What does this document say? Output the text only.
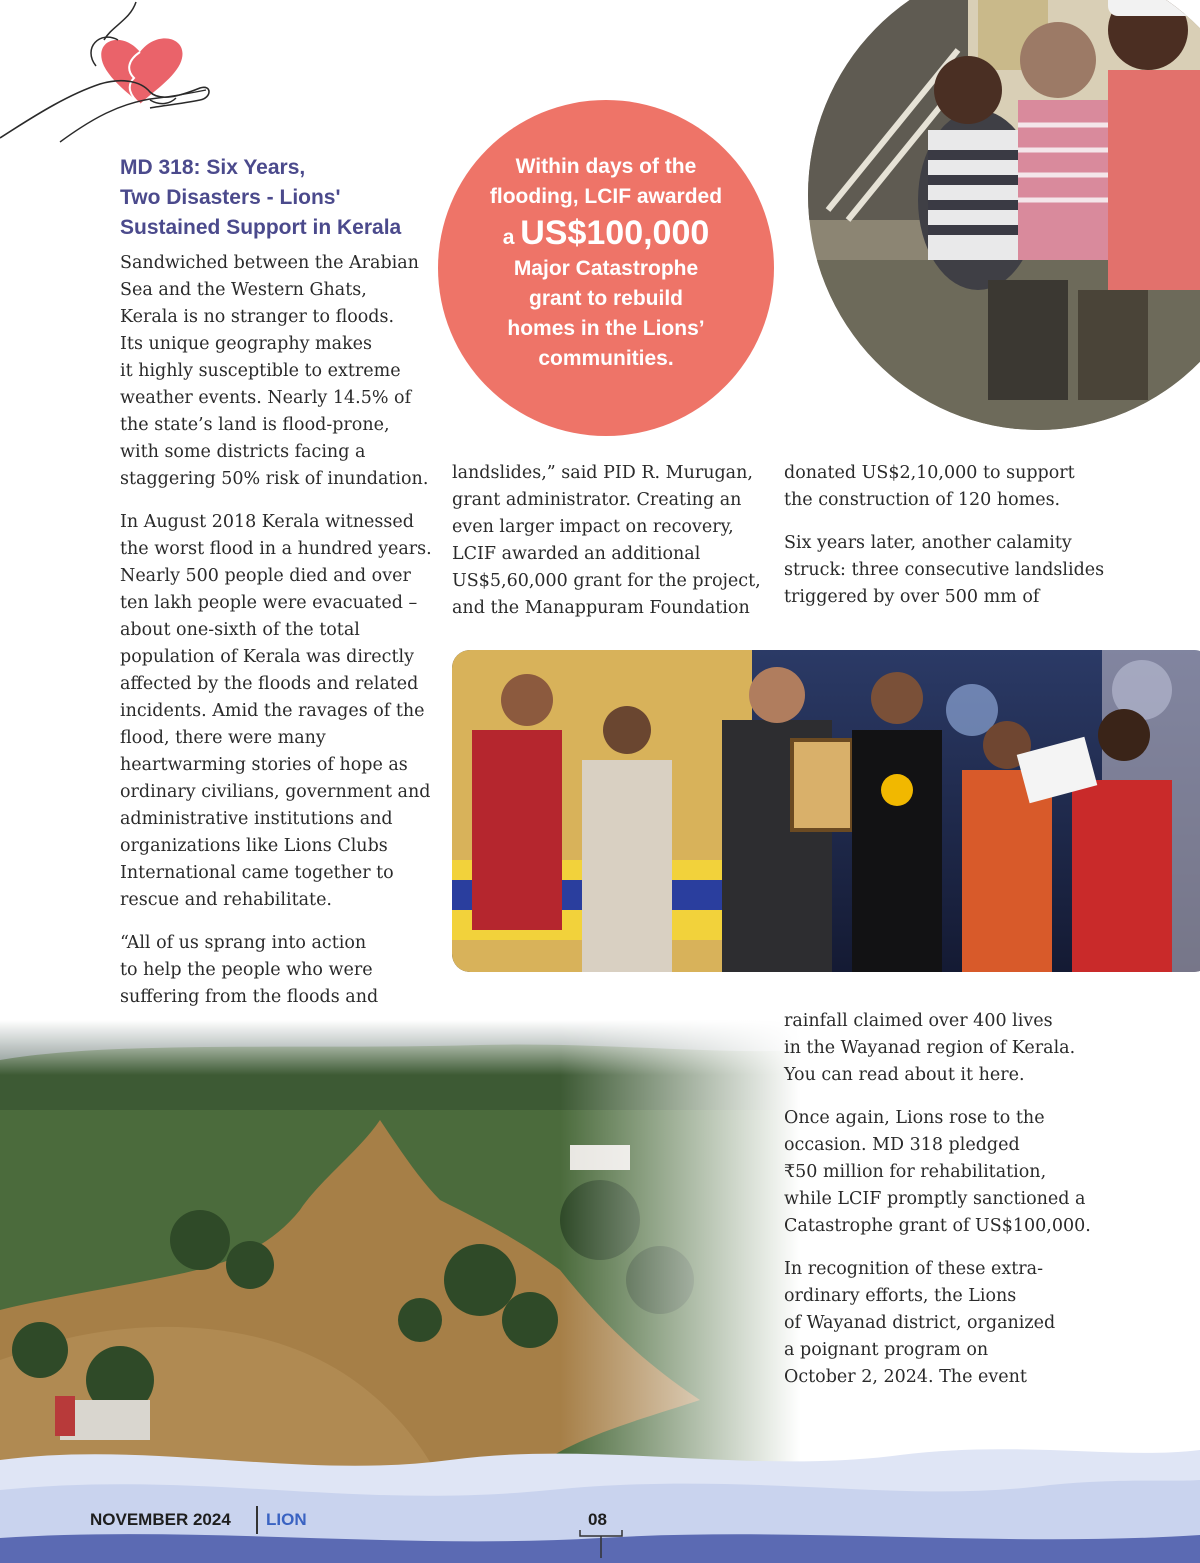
MD 318: Six Years,
Two Disasters - Lions'
Sustained Support in Kerala

Sandwiched between the Arabian
Sea and the Western Ghats,
Kerala is no stranger to floods.
Its unique geography makes
it highly susceptible to extreme
weather events. Nearly 14.5% of
the state’s land is flood-prone,
with some districts facing a
staggering 50% risk of inundation.

In August 2018 Kerala witnessed
the worst flood in a hundred years.
Nearly 500 people died and over
ten lakh people were evacuated –
about one-sixth of the total
population of Kerala was directly
affected by the floods and related
incidents. Amid the ravages of the
flood, there were many
heartwarming stories of hope as
ordinary civilians, government and
administrative institutions and
organizations like Lions Clubs
International came together to
rescue and rehabilitate.

“All of us sprang into action
to help the people who were
suffering from the floods and

Within days of the
flooding, LCIF awarded
a US$100,000
Major Catastrophe
grant to rebuild
homes in the Lions’
communities.

landslides,” said PID R. Murugan,
grant administrator. Creating an
even larger impact on recovery,
LCIF awarded an additional
US$5,60,000 grant for the project,
and the Manappuram Foundation

donated US$2,10,000 to support
the construction of 120 homes.

Six years later, another calamity
struck: three consecutive landslides
triggered by over 500 mm of

rainfall claimed over 400 lives
in the Wayanad region of Kerala.
You can read about it here.

Once again, Lions rose to the
occasion. MD 318 pledged
₹50 million for rehabilitation,
while LCIF promptly sanctioned a
Catastrophe grant of US$100,000.

In recognition of these extra-
ordinary efforts, the Lions
of Wayanad district, organized
a poignant program on
October 2, 2024. The event

NOVEMBER 2024 LION	08
